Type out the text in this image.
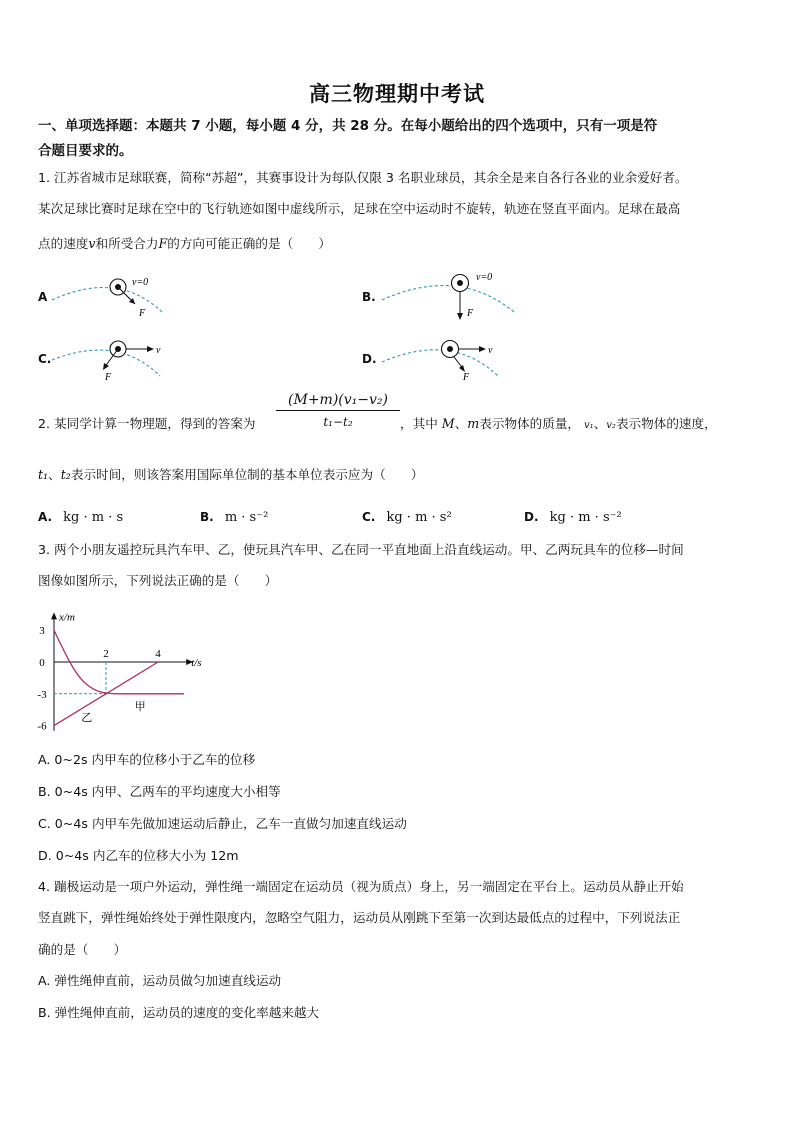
高三物理期中考试
一、单项选择题：本题共 7 小题，每小题 4 分，共 28 分。在每小题给出的四个选项中，只有一项是符
合题目要求的。
1. 江苏省城市足球联赛，简称“苏超”，其赛事设计为每队仅限 3 名职业球员，其余全是来自各行各业的业余爱好者。
某次足球比赛时足球在空中的飞行轨迹如图中虚线所示，足球在空中运动时不旋转，轨迹在竖直平面内。足球在最高
点的速度v和所受合力F的方向可能正确的是（　　）
A
v=0
F
B.
v=0
F
C.
v
F
D.
v
F
2. 某同学计算一物理题，得到的答案为 $\frac{\text{(M+m)(v₁−v₂)}}{\text{t₁−t₂}}$ ，其中 M、m表示物体的质量， v₁、v₂表示物体的速度，
t₁、t₂表示时间，则该答案用国际单位制的基本单位表示应为（　　）
A. kg · m · s	B. m · s⁻²	C. kg · m · s²	D. kg · m · s⁻²
3. 两个小朋友遥控玩具汽车甲、乙，使玩具汽车甲、乙在同一平直地面上沿直线运动。甲、乙两玩具车的位移—时间
图像如图所示，下列说法正确的是（　　）
x/m
t/s
3
0
-3
-6
2	4
甲
乙
A. 0~2s 内甲车的位移小于乙车的位移
B. 0~4s 内甲、乙两车的平均速度大小相等
C. 0~4s 内甲车先做加速运动后静止，乙车一直做匀加速直线运动
D. 0~4s 内乙车的位移大小为 12m
4. 蹦极运动是一项户外运动，弹性绳一端固定在运动员（视为质点）身上，另一端固定在平台上。运动员从静止开始
竖直跳下，弹性绳始终处于弹性限度内，忽略空气阻力，运动员从刚跳下至第一次到达最低点的过程中，下列说法正
确的是（　　）
A. 弹性绳伸直前，运动员做匀加速直线运动
B. 弹性绳伸直前，运动员的速度的变化率越来越大
